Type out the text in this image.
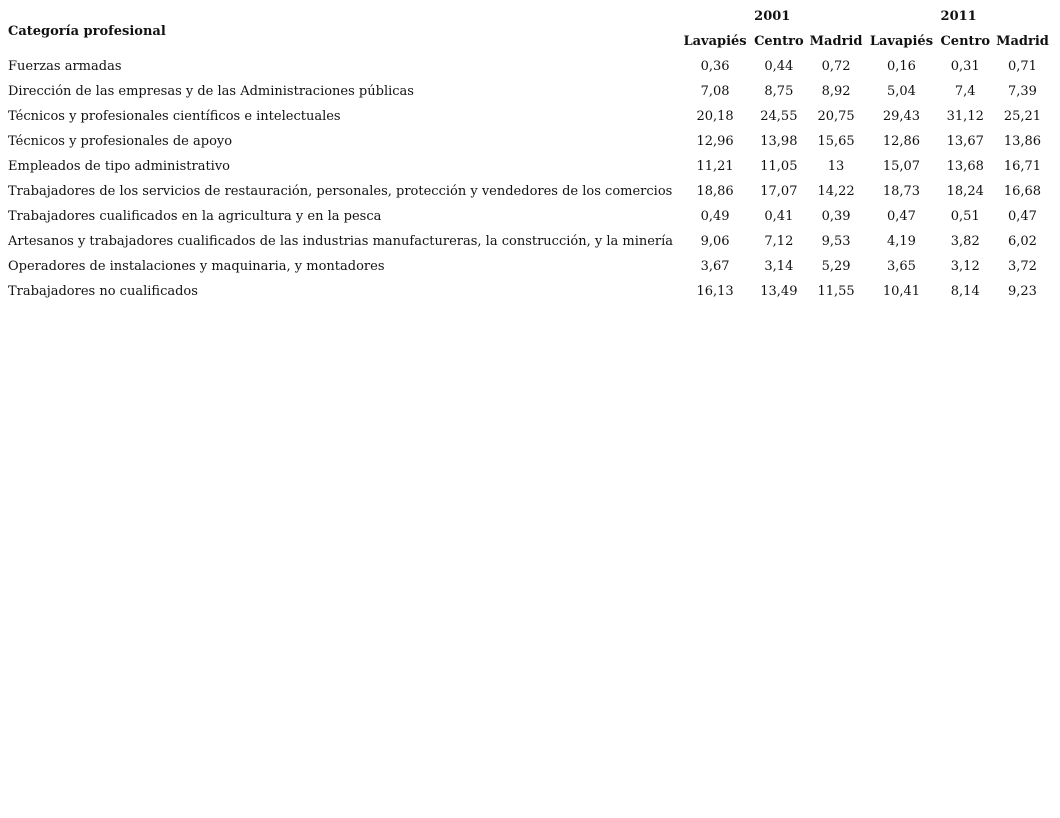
Categoría profesional	2001			2011		
	Lavapiés	Centro	Madrid	Lavapiés	Centro	Madrid
Fuerzas armadas	0,36	0,44	0,72	0,16	0,31	0,71
Dirección de las empresas y de las Administraciones públicas	7,08	8,75	8,92	5,04	7,4	7,39
Técnicos y profesionales científicos e intelectuales	20,18	24,55	20,75	29,43	31,12	25,21
Técnicos y profesionales de apoyo	12,96	13,98	15,65	12,86	13,67	13,86
Empleados de tipo administrativo	11,21	11,05	13	15,07	13,68	16,71
Trabajadores de los servicios de restauración, personales, protección y vendedores de los comercios	18,86	17,07	14,22	18,73	18,24	16,68
Trabajadores cualificados en la agricultura y en la pesca	0,49	0,41	0,39	0,47	0,51	0,47
Artesanos y trabajadores cualificados de las industrias manufactureras, la construcción, y la minería	9,06	7,12	9,53	4,19	3,82	6,02
Operadores de instalaciones y maquinaria, y montadores	3,67	3,14	5,29	3,65	3,12	3,72
Trabajadores no cualificados	16,13	13,49	11,55	10,41	8,14	9,23
